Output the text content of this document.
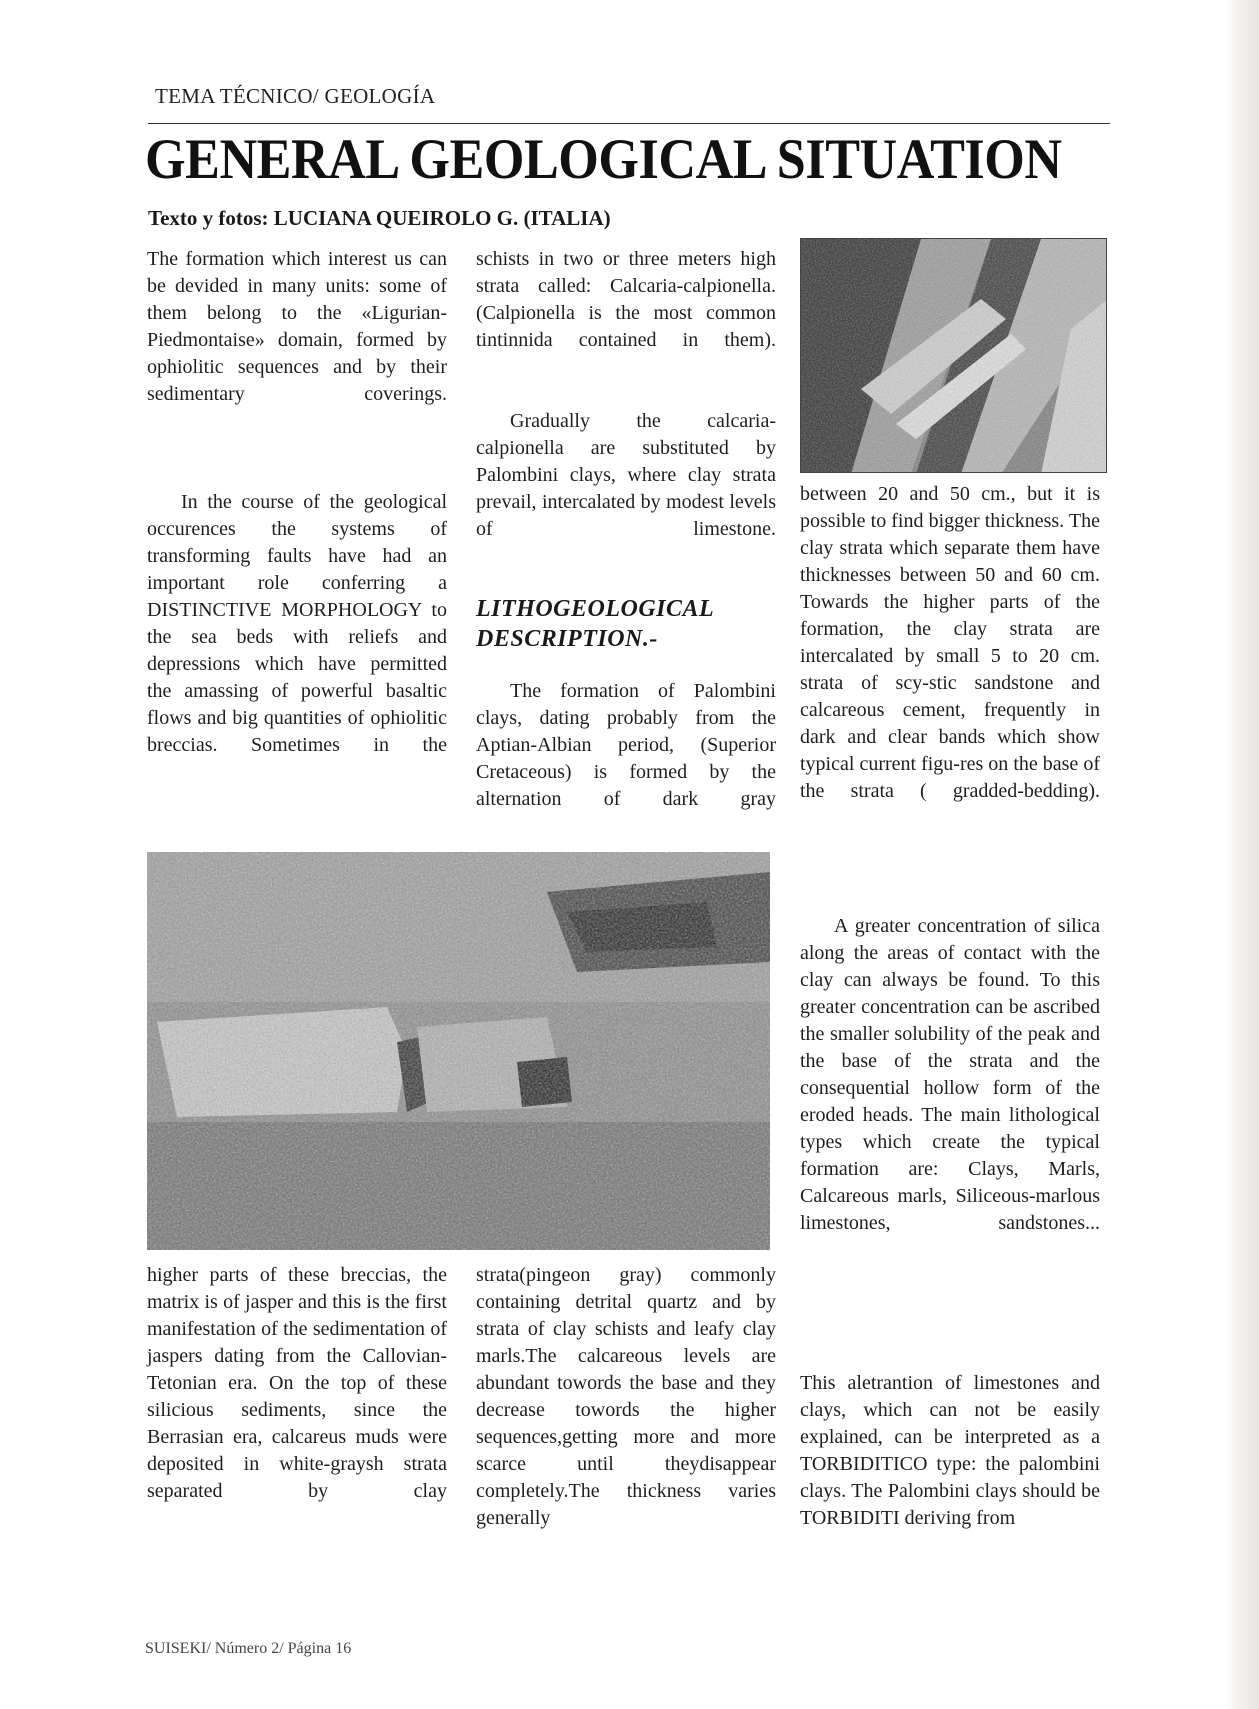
TEMA TÉCNICO/ GEOLOGÍA
GENERAL GEOLOGICAL SITUATION
Texto y fotos: LUCIANA QUEIROLO G. (ITALIA)

The formation which interest us can be devided in many units: some of them belong to the «Ligurian-Piedmontaise» domain, formed by ophiolitic sequences and by their sedimentary coverings.

In the course of the geological occurences the systems of transforming faults have had an important role conferring a DISTINCTIVE MORPHOLOGY to the sea beds with reliefs and depressions which have permitted the amassing of powerful basaltic flows and big quantities of ophiolitic breccias. Sometimes in the

schists in two or three meters high strata called: Calcaria-calpionella. (Calpionella is the most common tintinnida contained in them).

Gradually the calcaria-calpionella are substituted by Palombini clays, where clay strata prevail, intercalated by modest levels of limestone.

LITHOGEOLOGICAL DESCRIPTION.-

The formation of Palombini clays, dating probably from the Aptian-Albian period, (Superior Cretaceous) is formed by the alternation of dark gray

between 20 and 50 cm., but it is possible to find bigger thickness. The clay strata which separate them have thicknesses between 50 and 60 cm. Towards the higher parts of the formation, the clay strata are intercalated by small 5 to 20 cm. strata of scy-stic sandstone and calcareous cement, frequently in dark and clear bands which show typical current figu-res on the base of the strata ( gradded-bedding).

A greater concentration of silica along the areas of contact with the clay can always be found. To this greater concentration can be ascribed the smaller solubility of the peak and the base of the strata and the consequential hollow form of the eroded heads. The main lithological types which create the typical formation are: Clays, Marls, Calcareous marls, Siliceous-marlous limestones, sandstones...

This aletrantion of limestones and clays, which can not be easily explained, can be interpreted as a TORBIDITICO type: the palombini clays. The Palombini clays should be TORBIDITI deriving from

higher parts of these breccias, the matrix is of jasper and this is the first manifestation of the sedimentation of jaspers dating from the Callovian-Tetonian era. On the top of these silicious sediments, since the Berrasian era, calcareus muds were deposited in white-graysh strata separated by clay

strata(pingeon gray) commonly containing detrital quartz and by strata of clay schists and leafy clay marls.The calcareous levels are abundant towords the base and they decrease towords the higher sequences,getting more and more scarce until theydisappear completely.The thickness varies generally

SUISEKI/ Número 2/ Página 16
